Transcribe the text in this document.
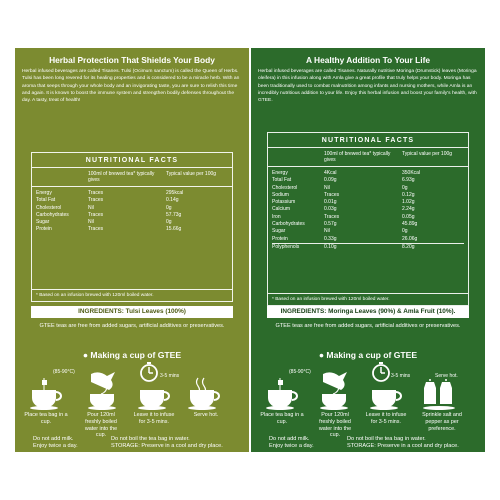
Herbal Protection That Shields Your Body
Herbal infused beverages are called Tisanes. Tulsi (Ocimum sanctum) is called the Queen of Herbs. Tulsi has been long revered for its healing properties and is considered to be a miracle herb. With an aroma that seeps through your whole body and an invigorating taste, you are sure to relish this time and again. It is known to boost the immune system and strengthen bodily defenses throughout the day. A tasty, treat of health!
NUTRITIONAL FACTS
100ml of brewed tea* typically gives
Typical value per 100g
Energy	Traces	295kcal
Total Fat	Traces	0.14g
Cholesterol	Nil	0g
Carbohydrates	Traces	57.73g
Sugar	Nil	0g
Protein	Traces	15.66g
* Based on an infusion brewed with 120ml boiled water.
INGREDIENTS: Tulsi Leaves (100%)
GTEE teas are free from added sugars, artificial additives or preservatives.
● Making a cup of GTEE
(85-90°C)
3-5 mins
Place tea bag in a cup.
Pour 120ml freshly boiled water into the cup.
Leave it to infuse for 3-5 mins.
Serve hot.
Do not add milk.	Do not boil the tea bag in water.
Enjoy twice a day.	STORAGE: Preserve in a cool and dry place.
A Healthy Addition To Your Life
Herbal infused beverages are called Tisanes. Naturally nutritive Moringa (Drumstick) leaves (Moringa oleifera) in this infusion along with Amla give a great profile that truly helps your body. Moringa has been traditionally used to combat malnutrition among infants and nursing mothers, while Amla is an incredibly nutritious addition to your life. Enjoy this herbal infusion and boost your family's health, with GTEE.
NUTRITIONAL FACTS
100ml of brewed tea* typically gives
Typical value per 100g
Energy	4Kcal	350Kcal
Total Fat	0.09g	6.93g
Cholesterol	Nil	0g
Sodium	Traces	0.12g
Potassium	0.01g	1.02g
Calcium	0.03g	2.24g
Iron	Traces	0.05g
Carbohydrates	0.57g	45.89g
Sugar	Nil	0g
Protein	0.33g	26.06g
Polyphenols	0.10g	8.20g
* Based on an infusion brewed with 120ml boiled water.
INGREDIENTS: Moringa Leaves (90%) & Amla Fruit (10%).
GTEE teas are free from added sugars, artificial additives or preservatives.
● Making a cup of GTEE
(85-90°C)
3-5 mins	Serve hot.
Place tea bag in a cup.
Pour 120ml freshly boiled water into the cup.
Leave it to infuse for 3-5 mins.
Sprinkle salt and pepper as per preference.
Do not add milk.	Do not boil the tea bag in water.
Enjoy twice a day.	STORAGE: Preserve in a cool and dry place.
